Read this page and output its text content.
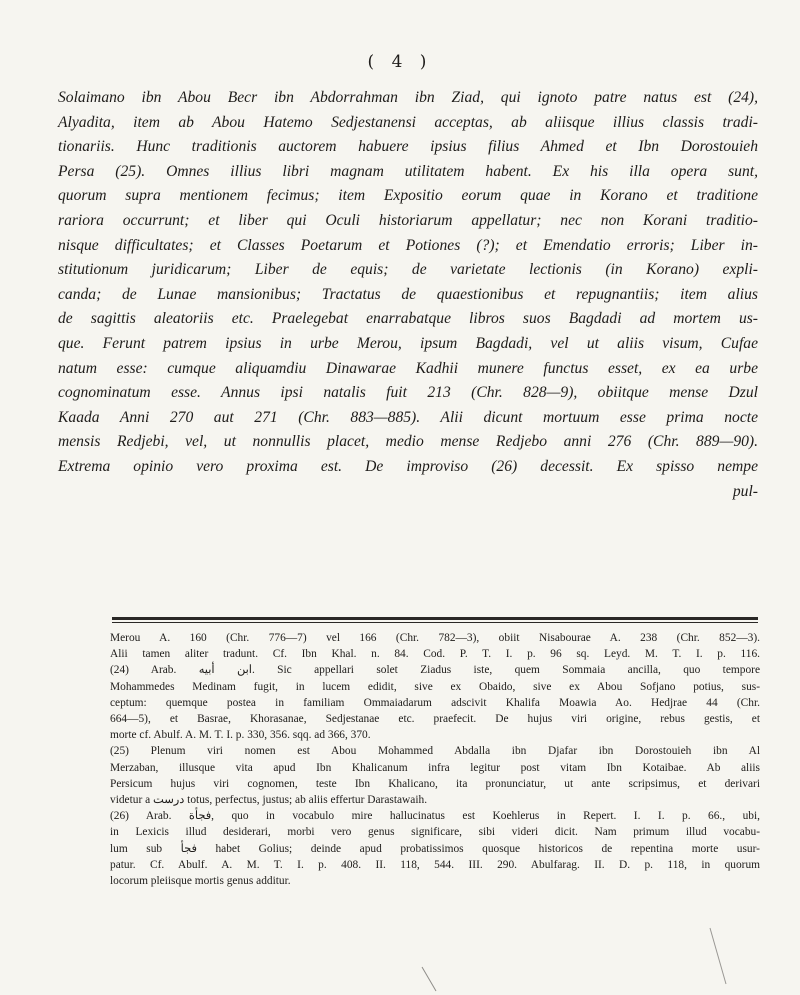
( 4 )
Solaimano ibn Abou Becr ibn Abdorrahman ibn Ziad, qui ignoto patre natus est (24),
Alyadita, item ab Abou Hatemo Sedjestanensi acceptas, ab aliisque illius classis tradi-
tionariis. Hunc traditionis auctorem habuere ipsius filius Ahmed et Ibn Dorostouieh
Persa (25). Omnes illius libri magnam utilitatem habent. Ex his illa opera sunt,
quorum supra mentionem fecimus; item Expositio eorum quae in Korano et traditione
rariora occurrunt; et liber qui Oculi historiarum appellatur; nec non Korani traditio-
nisque difficultates; et Classes Poetarum et Potiones (?); et Emendatio erroris; Liber in-
stitutionum juridicarum; Liber de equis; de varietate lectionis (in Korano) expli-
canda; de Lunae mansionibus; Tractatus de quaestionibus et repugnantiis; item alius
de sagittis aleatoriis etc. Praelegebat enarrabatque libros suos Bagdadi ad mortem us-
que. Ferunt patrem ipsius in urbe Merou, ipsum Bagdadi, vel ut aliis visum, Cufae
natum esse: cumque aliquamdiu Dinawarae Kadhii munere functus esset, ex ea urbe
cognominatum esse. Annus ipsi natalis fuit 213 (Chr. 828—9), obiitque mense Dzul
Kaada Anni 270 aut 271 (Chr. 883—885). Alii dicunt mortuum esse prima nocte
mensis Redjebi, vel, ut nonnullis placet, medio mense Redjebo anni 276 (Chr. 889—90).
Extrema opinio vero proxima est. De improviso (26) decessit. Ex spisso nempe
pul-
Merou A. 160 (Chr. 776—7) vel 166 (Chr. 782—3), obiit Nisabourae A. 238 (Chr. 852—3).
Alii tamen aliter tradunt. Cf. Ibn Khal. n. 84. Cod. P. T. I. p. 96 sq. Leyd. M. T. I. p. 116.
(24) Arab. ابن أبيه. Sic appellari solet Ziadus iste, quem Sommaia ancilla, quo tempore
Mohammedes Medinam fugit, in lucem edidit, sive ex Obaido, sive ex Abou Sofjano potius, sus-
ceptum: quemque postea in familiam Ommaiadarum adscivit Khalifa Moawia Ao. Hedjrae 44 (Chr.
664—5), et Basrae, Khorasanae, Sedjestanae etc. praefecit. De hujus viri origine, rebus gestis, et
morte cf. Abulf. A. M. T. I. p. 330, 356. sqq. ad 366, 370.
(25) Plenum viri nomen est Abou Mohammed Abdalla ibn Djafar ibn Dorostouieh ibn Al
Merzaban, illusque vita apud Ibn Khalicanum infra legitur post vitam Ibn Kotaibae. Ab aliis
Persicum hujus viri cognomen, teste Ibn Khalicano, ita pronunciatur, ut ante scripsimus, et derivari
videtur a درست totus, perfectus, justus; ab aliis effertur Darastawaih.
(26) Arab. فجأة, quo in vocabulo mire hallucinatus est Koehlerus in Repert. I. I. p. 66., ubi,
in Lexicis illud desiderari, morbi vero genus significare, sibi videri dicit. Nam primum illud vocabu-
lum sub فجأ habet Golius; deinde apud probatissimos quosque historicos de repentina morte usur-
patur. Cf. Abulf. A. M. T. I. p. 408. II. 118, 544. III. 290. Abulfarag. II. D. p. 118, in quorum
locorum pleiisque mortis genus additur.
